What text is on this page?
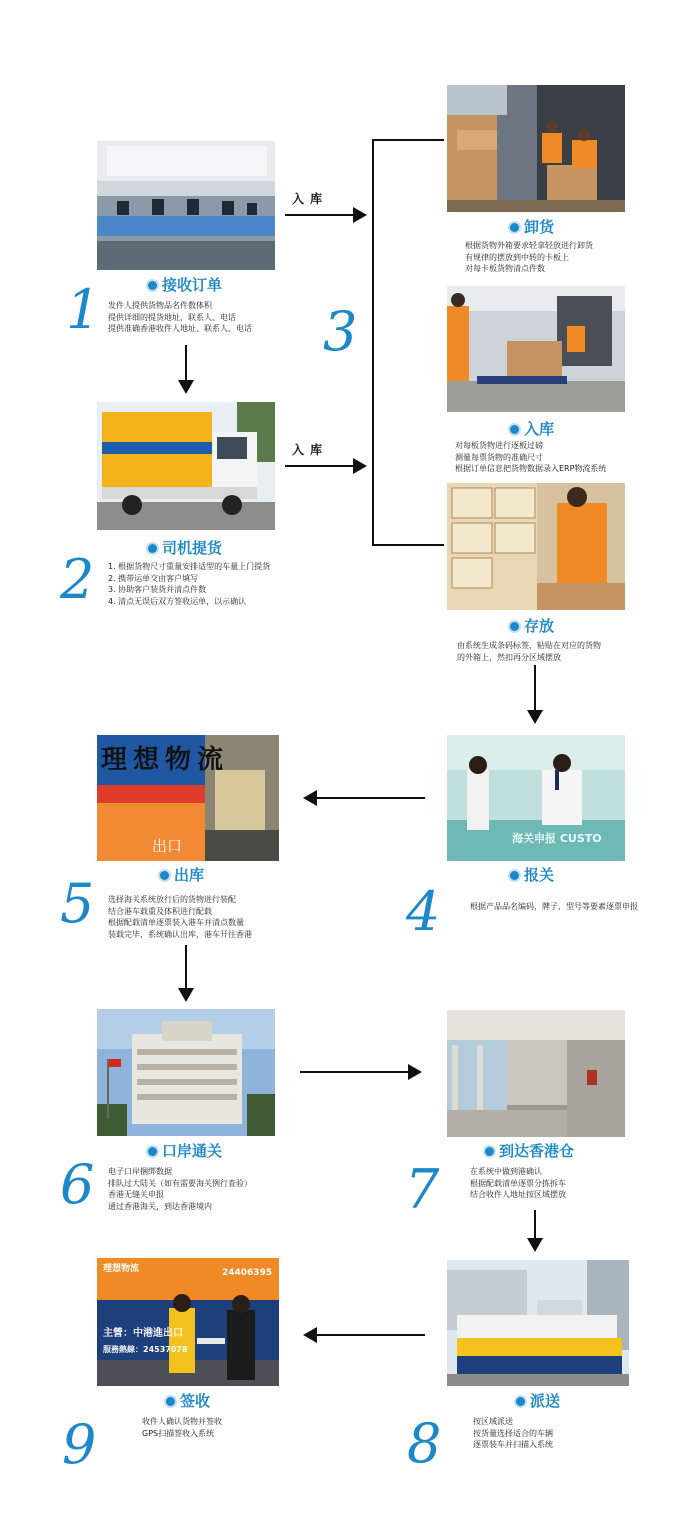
入 库
入 库
接收订单
1 发件人提供货物品名件数体积
提供详细的提货地址，联系人、电话
提供准确香港收件人地址、联系人、电话
司机提货
2 1. 根据货物尺寸重量安排适型的车量上门提货
2. 携带运单交由客户填写
3. 协助客户装货并清点件数
4. 清点无误后双方签收运单，以示确认
卸货
3
根据货物外箱要求轻拿轻放进行卸货
有规律的摆放到中转的卡板上
对每卡板货物清点件数
入库
对每板货物进行逐板过磅
测量每票货物的准确尺寸
根据订单信息把货物数据录入ERP物流系统
存放
由系统生成条码标签，粘贴在对应的货物
的外箱上，然扣再分区域摆放
海关申报 CUSTO
报关
4	根据产品品名编码，牌子，型号等要素逐票申报
理想物流
出口
出库
5 选择海关系统放行后的货物进行装配
结合港车载重及体积进行配载
根据配载清单逐票装入港车并清点数量
装载完毕，系统确认出库，港车开往香港
口岸通关
6 电子口岸捆绑数据
排队过大陆关（如有需要海关例行查验）
香港无缝关申报
通过香港海关，到达香港境内
到达香港仓
7	在系统中做到港确认
根据配载清单逐票分拣拆车
结合收件人地址按区域摆放
派送
8	按区域派送
按货量选择适合的车辆
逐票装车并扫描入系统
理想物流	24406395
主營：中港進出口
服務熱線：24537078
签收
9	收件人确认货物并签收
GPS扫描签收入系统
